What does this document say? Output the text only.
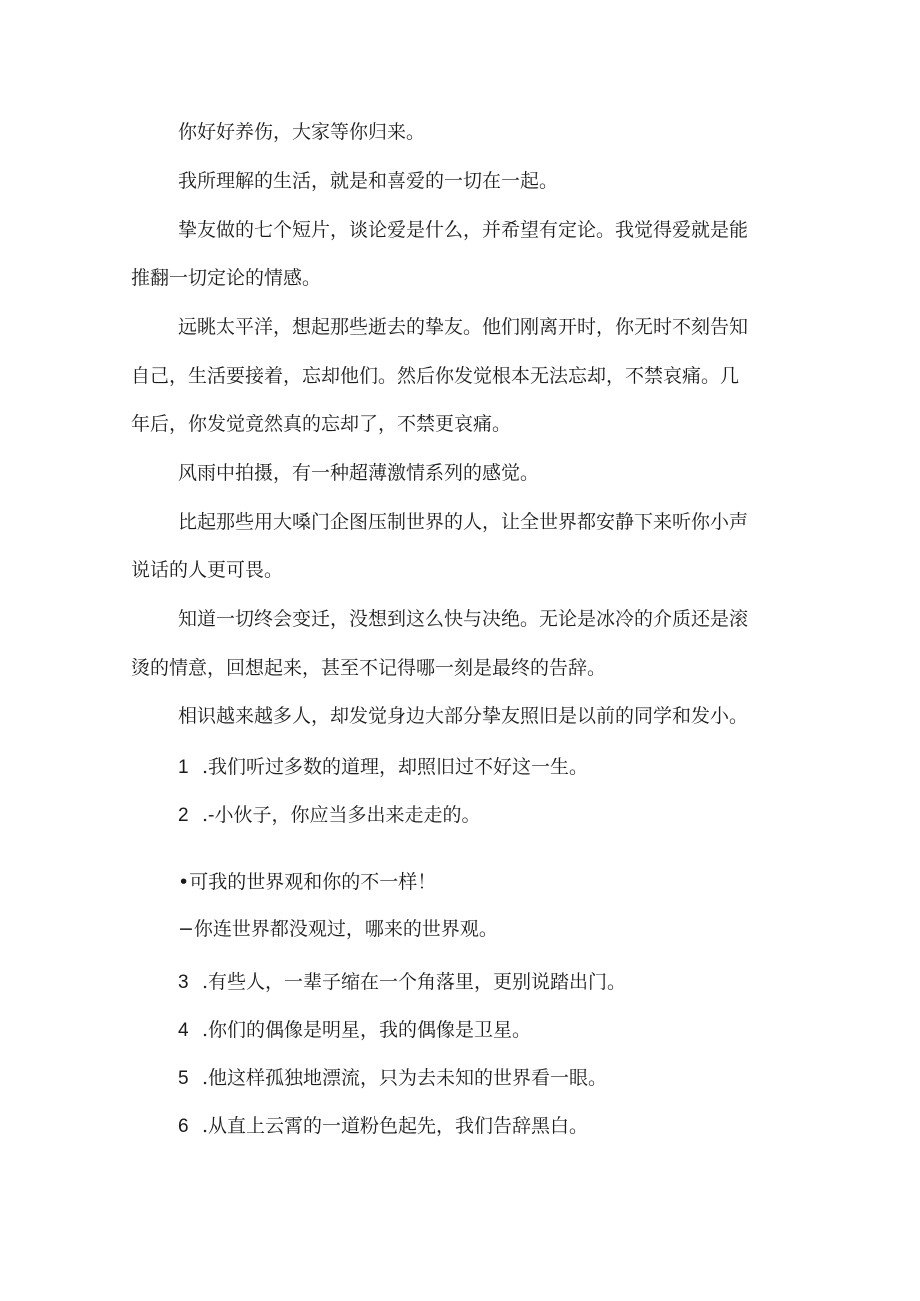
你好好养伤，大家等你归来。

我所理解的生活，就是和喜爱的一切在一起。

挚友做的七个短片，谈论爱是什么，并希望有定论。我觉得爱就是能

推翻一切定论的情感。

远眺太平洋，想起那些逝去的挚友。他们刚离开时，你无时不刻告知

自己，生活要接着，忘却他们。然后你发觉根本无法忘却，不禁哀痛。几

年后，你发觉竟然真的忘却了，不禁更哀痛。

风雨中拍摄，有一种超薄激情系列的感觉。

比起那些用大嗓门企图压制世界的人，让全世界都安静下来听你小声

说话的人更可畏。

知道一切终会变迁，没想到这么快与决绝。无论是冰冷的介质还是滚

烫的情意，回想起来，甚至不记得哪一刻是最终的告辞。

相识越来越多人，却发觉身边大部分挚友照旧是以前的同学和发小。

1 .我们听过多数的道理，却照旧过不好这一生。

2 .-小伙子，你应当多出来走走的。

•可我的世界观和你的不一样！

−你连世界都没观过，哪来的世界观。

3 .有些人，一辈子缩在一个角落里，更别说踏出门。

4 .你们的偶像是明星，我的偶像是卫星。

5 .他这样孤独地漂流，只为去未知的世界看一眼。

6 .从直上云霄的一道粉色起先，我们告辞黑白。
